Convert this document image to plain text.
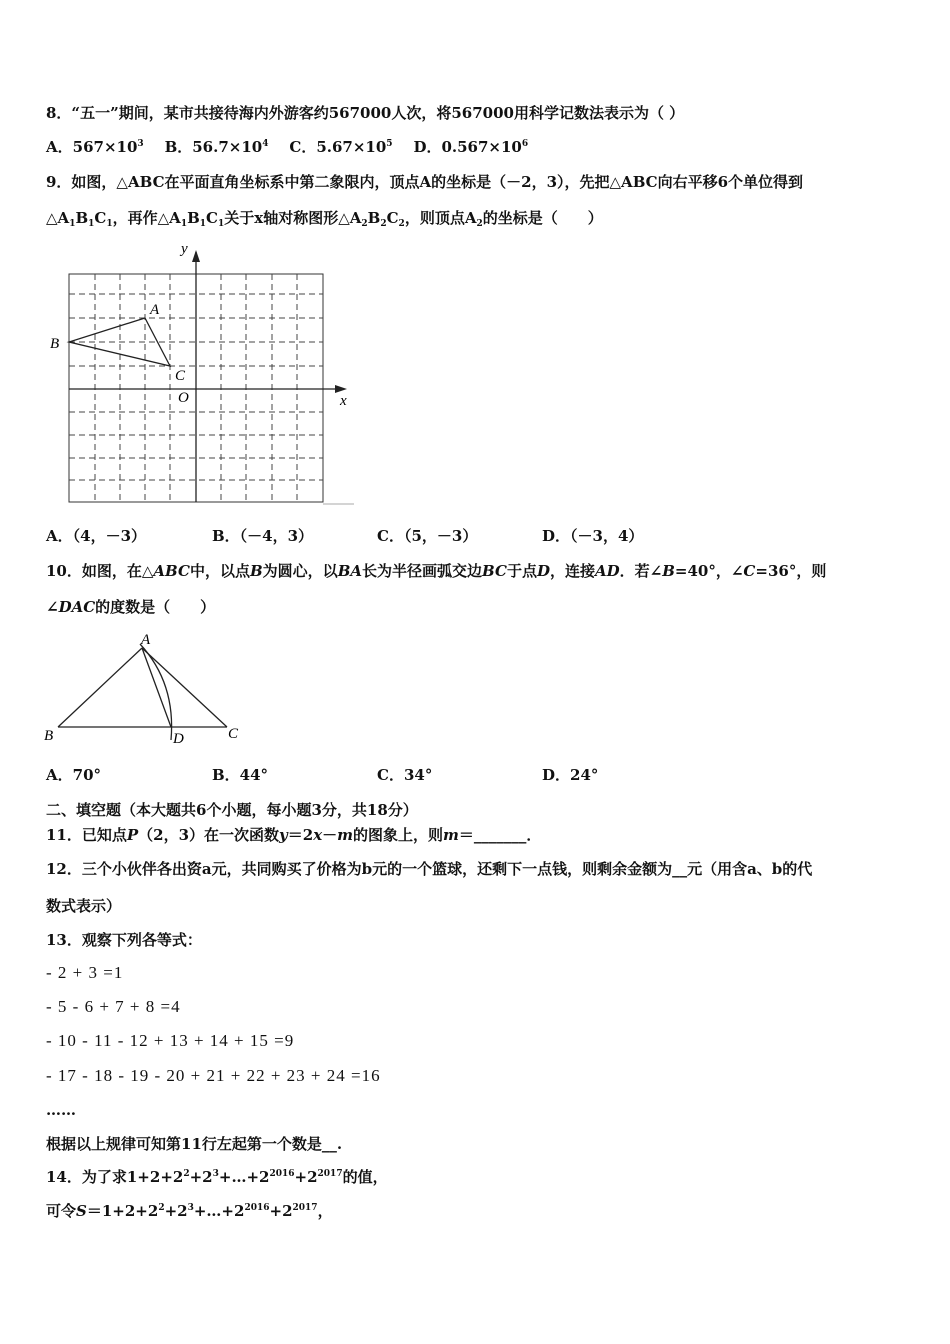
8．“五一”期间，某市共接待海内外游客约567000人次，将567000用科学记数法表示为（ ）
A．$567\times 10^3$ B．$56.7\times 10^4$ C．$5.67\times 10^5$ D．$0.567\times 10^6$
9．如图，△ABC在平面直角坐标系中第二象限内，顶点A的坐标是（－2，3），先把△ABC向右平移6个单位得到
$\triangle A_1B_1C_1$，再作$\triangle A_1B_1C_1$关于x轴对称图形$\triangle A_2B_2C_2$，则顶点$A_2$的坐标是（　　）
y
x
A
B
C
O
A．（4，－3）	B．（－4，3）	C．（5，－3）	D．（－3，4）
10．如图，在△ABC中，以点B为圆心，以BA长为半径画弧交边BC于点D，连接AD．若∠B=40°，∠C=36°，则
∠DAC的度数是（　　）
A
B	C
D
A．70°	B．44°	C．34°	D．24°
二、填空题（本大题共6个小题，每小题3分，共18分）
11．已知点P（2，3）在一次函数y＝2x－m的图象上，则m＝_______．
12．三个小伙伴各出资a元，共同购买了价格为b元的一个篮球，还剩下一点钱，则剩余金额为__元（用含a、b的代
数式表示）
13．观察下列各等式：
- 2 + 3 =1
- 5 - 6 + 7 + 8 =4
- 10 - 11 - 12 + 13 + 14 + 15 =9
- 17 - 18 - 19 - 20 + 21 + 22 + 23 + 24 =16
……
根据以上规律可知第11行左起第一个数是__.
14．为了求$1+2+2^2+2^3+\dots+2^{2016}+2^{2017}$的值，
可令$S=1+2+2^2+2^3+\dots+2^{2016}+2^{2017}$，
